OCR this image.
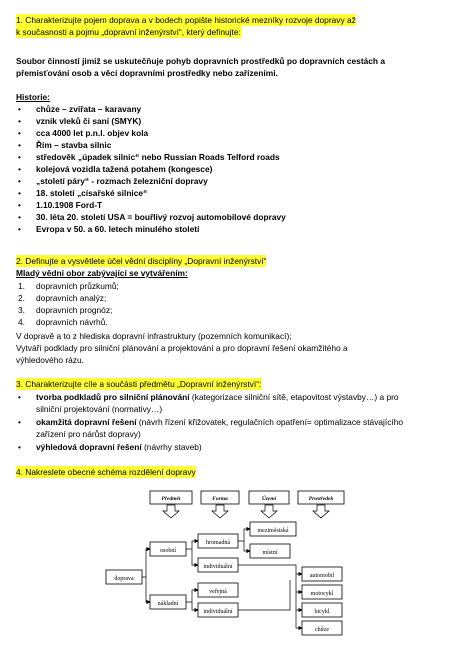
1. Charakterizujte pojem doprava a v bodech popište historické mezníky rozvoje dopravy až
k současnosti a pojmu „dopravní inženýrství“, který definujte:
Soubor činností jimiž se uskutečňuje pohyb dopravních prostředků po dopravních cestách a
přemisťování osob a věcí dopravními prostředky nebo zařízeními.
Historie:
• chůze – zvířata – karavany
• vznik vleků či saní (SMYK)
• cca 4000 let p.n.l. objev kola
• Řím – stavba silnic
• středověk „úpadek silnic“ nebo Russian Roads Telford roads
• kolejová vozidla tažená potahem (kongesce)
• „století páry“ - rozmach železniční dopravy
• 18. století „císařské silnice“
• 1.10.1908 Ford-T
• 30. léta 20. století USA = bouřlivý rozvoj automobilové dopravy
• Evropa v 50. a 60. letech minulého století
2. Definujte a vysvětlete účel vědní disciplíny „Dopravní inženýrství“
Mladý vědní obor zabývající se vytvářením:
1. dopravních průzkumů;
2. dopravních analýz;
3. dopravních prognóz;
4. dopravních návrhů.
V dopravě a to z hlediska dopravní infrastruktury (pozemních komunikací);
Vytváří podklady pro silniční plánování a projektování a pro dopravní řešení okamžitého a
výhledového rázu.
3. Charakterizujte cíle a součásti předmětu „Dopravní inženýrství“:
• tvorba podkladů pro silniční plánování (kategorizace silniční sítě, etapovitost výstavby…) a pro
silniční projektování (normativy…)
• okamžitá dopravní řešení (návrh řízení křižovatek, regulačních opatření= optimalizace stávajícího
zařízení pro nárůst dopravy)
• výhledová dopravní řešení (návrhy staveb)
4. Nakreslete obecné schéma rozdělení dopravy
Předmět	Forma	Území	Prostředek
doprava
osobní
nákladní
hromadná
individuální
veřejná
individuální
meziměstská
místní
automobil
motocykl
bicykl
chůze
